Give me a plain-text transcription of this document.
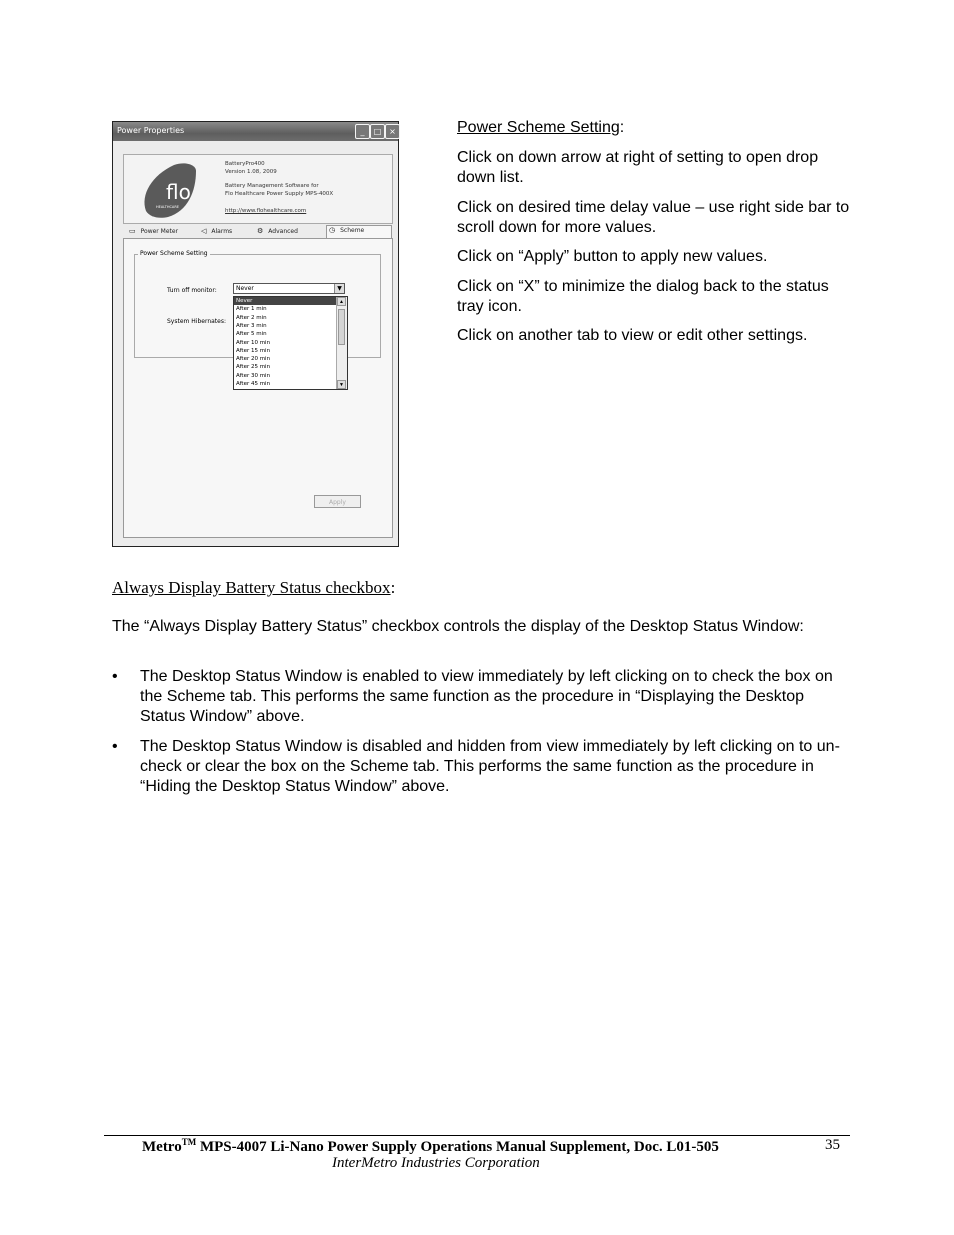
Power Properties	_	□ ×
flo
HEALTHCARE
BatteryPro400
Version 1.08, 2009
Battery Management Software for
Flo Healthcare Power Supply MPS-400X
http://www.flohealthcare.com
▭ Power Meter	◁ Alarms	⚙ Advanced	◷ Scheme
Power Scheme Setting
Apply
Turn off monitor:
System Hibernates:
Never	▼
Never
After 1 min
After 2 min
After 3 min
After 5 min
After 10 min
After 15 min
After 20 min
After 25 min
After 30 min
After 45 min
▲
▼
Power Scheme Setting:
Click on down arrow at right of setting to open drop down list.
Click on desired time delay value – use right side bar to scroll down for more values.
Click on “Apply” button to apply new values.
Click on “X” to minimize the dialog back to the status tray icon.
Click on another tab to view or edit other settings.
Always Display Battery Status checkbox:
The “Always Display Battery Status” checkbox controls the display of the Desktop Status Window:
• The Desktop Status Window is enabled to view immediately by left clicking on to check the box on the Scheme tab. This performs the same function as the procedure in “Displaying the Desktop Status Window” above.
• The Desktop Status Window is disabled and hidden from view immediately by left clicking on to un-check or clear the box on the Scheme tab. This performs the same function as the procedure in “Hiding the Desktop Status Window” above.
Metro™ MPS-4007 Li-Nano Power Supply Operations Manual Supplement, Doc. L01-505	35
InterMetro Industries Corporation
